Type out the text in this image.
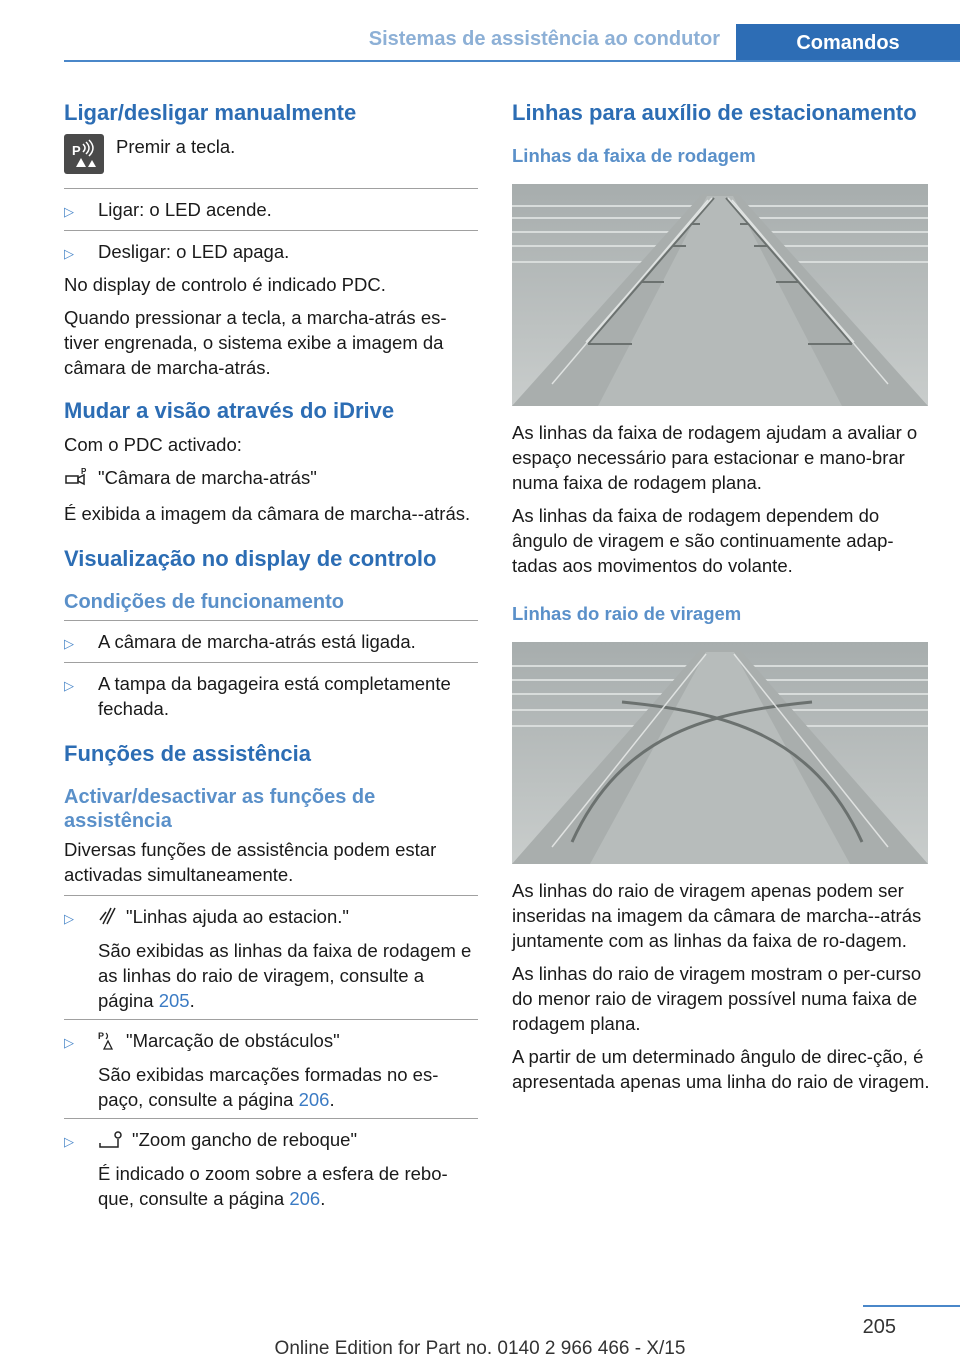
Sistemas de assistência ao condutor	Comandos
Ligar/desligar manualmente
P Premir a tecla.
▷	Ligar: o LED acende.
▷	Desligar: o LED apaga.
No display de controlo é indicado PDC.
Quando pressionar a tecla, a marcha-atrás es-tiver engrenada, o sistema exibe a imagem da câmara de marcha-atrás.
Mudar a visão através do iDrive
Com o PDC activado:
P "Câmara de marcha-atrás"
É exibida a imagem da câmara de marcha--atrás.
Visualização no display de controlo
Condições de funcionamento
▷	A câmara de marcha-atrás está ligada.
▷	A tampa da bagageira está completamente fechada.
Funções de assistência
Activar/desactivar as funções de assistência
Diversas funções de assistência podem estar activadas simultaneamente.
▷	"Linhas ajuda ao estacion."
São exibidas as linhas da faixa de rodagem e as linhas do raio de viragem, consulte a página 205.
▷	P "Marcação de obstáculos"
São exibidas marcações formadas no es-paço, consulte a página 206.
▷	"Zoom gancho de reboque"
É indicado o zoom sobre a esfera de rebo-que, consulte a página 206.
Linhas para auxílio de estacionamento
Linhas da faixa de rodagem
As linhas da faixa de rodagem ajudam a avaliar o espaço necessário para estacionar e mano-brar numa faixa de rodagem plana.
As linhas da faixa de rodagem dependem do ângulo de viragem e são continuamente adap-tadas aos movimentos do volante.
Linhas do raio de viragem
As linhas do raio de viragem apenas podem ser inseridas na imagem da câmara de marcha--atrás juntamente com as linhas da faixa de ro-dagem.
As linhas do raio de viragem mostram o per-curso do menor raio de viragem possível numa faixa de rodagem plana.
A partir de um determinado ângulo de direc-ção, é apresentada apenas uma linha do raio de viragem.
205
Online Edition for Part no. 0140 2 966 466 - X/15
